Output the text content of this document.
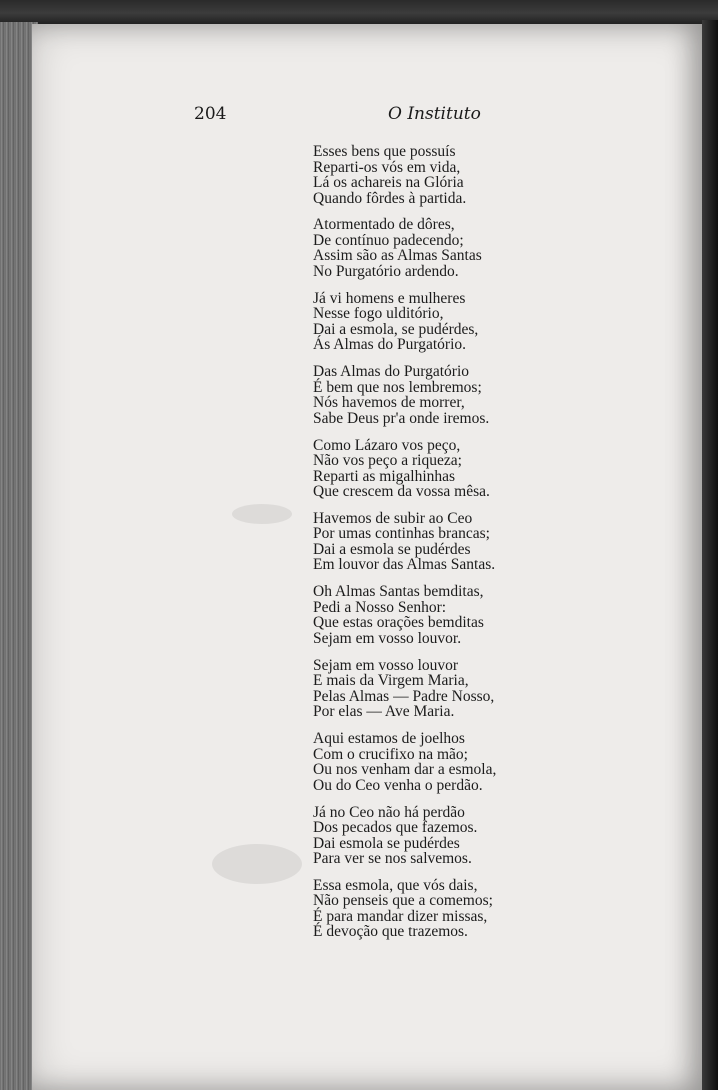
204	O Instituto
Esses bens que possuís
Reparti-os vós em vida,
Lá os achareis na Glória
Quando fôrdes à partida.
Atormentado de dôres,
De contínuo padecendo;
Assim são as Almas Santas
No Purgatório ardendo.
Já vi homens e mulheres
Nesse fogo ulditório,
Dai a esmola, se pudérdes,
Ás Almas do Purgatório.
Das Almas do Purgatório
É bem que nos lembremos;
Nós havemos de morrer,
Sabe Deus pr'a onde iremos.
Como Lázaro vos peço,
Não vos peço a riqueza;
Reparti as migalhinhas
Que crescem da vossa mêsa.
Havemos de subir ao Ceo
Por umas continhas brancas;
Dai a esmola se pudérdes
Em louvor das Almas Santas.
Oh Almas Santas bemditas,
Pedi a Nosso Senhor:
Que estas orações bemditas
Sejam em vosso louvor.
Sejam em vosso louvor
E mais da Virgem Maria,
Pelas Almas — Padre Nosso,
Por elas — Ave Maria.
Aqui estamos de joelhos
Com o crucifixo na mão;
Ou nos venham dar a esmola,
Ou do Ceo venha o perdão.
Já no Ceo não há perdão
Dos pecados que fazemos.
Dai esmola se pudérdes
Para ver se nos salvemos.
Essa esmola, que vós dais,
Não penseis que a comemos;
É para mandar dizer missas,
É devoção que trazemos.
